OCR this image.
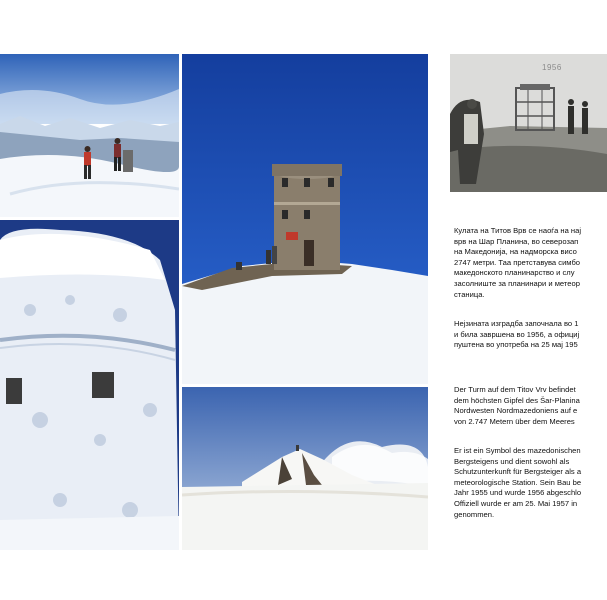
1956

Кулата на Титов Врв се наоѓа на нај
врв на Шар Планина, во северозап
на Македонија, на надморска висо
2747 метри. Таа претставува симбо
македонското планинарство и слу
засолниште за планинари и метеор
станица.

Нејзината изградба започнала во 1
и била завршена во 1956, а официј
пуштена во употреба на 25 мај 195

Der Turm auf dem Titov Vrv befindet
dem höchsten Gipfel des Šar-Planina
Nordwesten Nordmazedoniens auf e
von 2.747 Metern über dem Meeres

Er ist ein Symbol des mazedonischen
Bergsteigens und dient sowohl als
Schutzunterkunft für Bergsteiger als a
meteorologische Station. Sein Bau be
Jahr 1955 und wurde 1956 abgeschlo
Offiziell wurde er am 25. Mai 1957 in
genommen.
